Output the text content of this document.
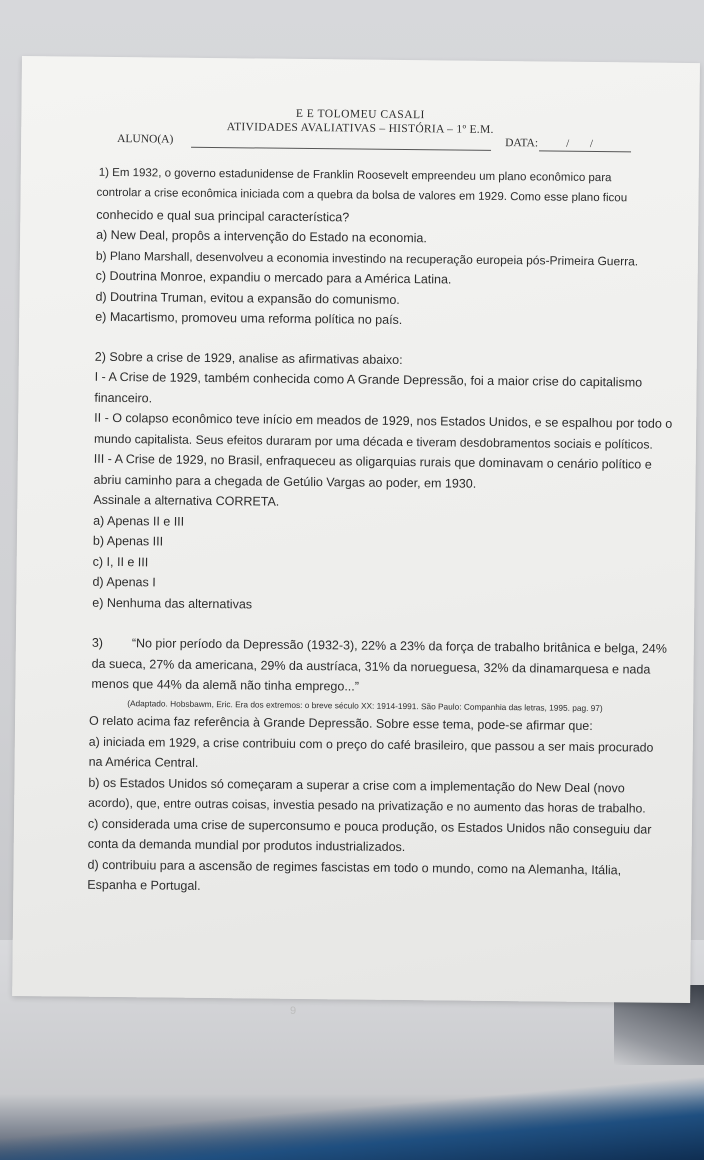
E E TOLOMEU CASALI
ATIVIDADES AVALIATIVAS – HISTÓRIA – 1º E.M.
ALUNO(A)	DATA:	/ /
1) Em 1932, o governo estadunidense de Franklin Roosevelt empreendeu um plano econômico para
controlar a crise econômica iniciada com a quebra da bolsa de valores em 1929. Como esse plano ficou
conhecido e qual sua principal característica?
a) New Deal, propôs a intervenção do Estado na economia.
b) Plano Marshall, desenvolveu a economia investindo na recuperação europeia pós-Primeira Guerra.
c) Doutrina Monroe, expandiu o mercado para a América Latina.
d) Doutrina Truman, evitou a expansão do comunismo.
e) Macartismo, promoveu uma reforma política no país.
2) Sobre a crise de 1929, analise as afirmativas abaixo:
I - A Crise de 1929, também conhecida como A Grande Depressão, foi a maior crise do capitalismo
financeiro.
II - O colapso econômico teve início em meados de 1929, nos Estados Unidos, e se espalhou por todo o
mundo capitalista. Seus efeitos duraram por uma década e tiveram desdobramentos sociais e políticos.
III - A Crise de 1929, no Brasil, enfraqueceu as oligarquias rurais que dominavam o cenário político e
abriu caminho para a chegada de Getúlio Vargas ao poder, em 1930.
Assinale a alternativa CORRETA.
a) Apenas II e III
b) Apenas III
c) I, II e III
d) Apenas I
e) Nenhuma das alternativas
3) “No pior período da Depressão (1932-3), 22% a 23% da força de trabalho britânica e belga, 24%
da sueca, 27% da americana, 29% da austríaca, 31% da norueguesa, 32% da dinamarquesa e nada
menos que 44% da alemã não tinha emprego...”
(Adaptado. Hobsbawm, Eric. Era dos extremos: o breve século XX: 1914-1991. São Paulo: Companhia das letras, 1995. pag. 97)
O relato acima faz referência à Grande Depressão. Sobre esse tema, pode-se afirmar que:
a) iniciada em 1929, a crise contribuiu com o preço do café brasileiro, que passou a ser mais procurado
na América Central.
b) os Estados Unidos só começaram a superar a crise com a implementação do New Deal (novo
acordo), que, entre outras coisas, investia pesado na privatização e no aumento das horas de trabalho.
c) considerada uma crise de superconsumo e pouca produção, os Estados Unidos não conseguiu dar
conta da demanda mundial por produtos industrializados.
d) contribuiu para a ascensão de regimes fascistas em todo o mundo, como na Alemanha, Itália,
Espanha e Portugal.
9
